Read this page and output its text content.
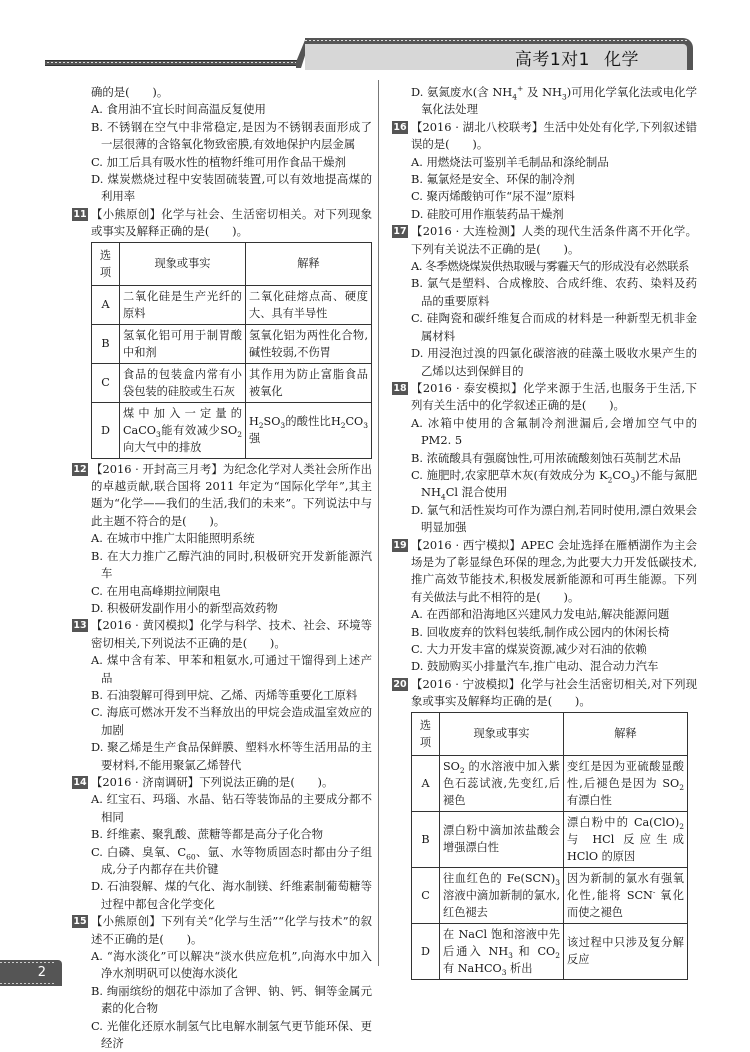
高考1对1 化学
确的是(　　)。
A. 食用油不宜长时间高温反复使用
B. 不锈钢在空气中非常稳定,是因为不锈钢表面形成了一层很薄的含铬氧化物致密膜,有效地保护内层金属
C. 加工后具有吸水性的植物纤维可用作食品干燥剂
D. 煤炭燃烧过程中安装固硫装置,可以有效地提高煤的利用率
11 【小熊原创】化学与社会、生活密切相关。对下列现象或事实及解释正确的是(　　)。
选项	现象或事实	解释
A	二氧化硅是生产光纤的原料	二氧化硅熔点高、硬度大、具有半导性
B	氢氧化铝可用于制胃酸中和剂	氢氧化铝为两性化合物,碱性较弱,不伤胃
C	食品的包装盒内常有小袋包装的硅胶或生石灰	其作用为防止富脂食品被氧化
D	煤中加入一定量的CaCO$_3$能有效减少$SO_2$向大气中的排放	$H_2SO_3$的酸性比$H_2CO_3$强
12 【2016 · 开封高三月考】为纪念化学对人类社会所作出的卓越贡献,联合国将 2011 年定为“国际化学年”,其主题为“化学——我们的生活,我们的未来”。下列说法中与此主题不符合的是(　　)。
A. 在城市中推广太阳能照明系统
B. 在大力推广乙醇汽油的同时,积极研究开发新能源汽车
C. 在用电高峰期拉闸限电
D. 积极研发副作用小的新型高效药物
13 【2016 · 黄冈模拟】化学与科学、技术、社会、环境等密切相关,下列说法不正确的是(　　)。
A. 煤中含有苯、甲苯和粗氨水,可通过干馏得到上述产品
B. 石油裂解可得到甲烷、乙烯、丙烯等重要化工原料
C. 海底可燃冰开发不当释放出的甲烷会造成温室效应的加剧
D. 聚乙烯是生产食品保鲜膜、塑料水杯等生活用品的主要材料,不能用聚氯乙烯替代
14 【2016 · 济南调研】下列说法正确的是(　　)。
A. 红宝石、玛瑙、水晶、钻石等装饰品的主要成分都不相同
B. 纤维素、聚乳酸、蔗糖等都是高分子化合物
C. 白磷、臭氧、$C_{60}$、氩、水等物质固态时都由分子组成,分子内都存在共价键
D. 石油裂解、煤的气化、海水制镁、纤维素制葡萄糖等过程中都包含化学变化
15 【小熊原创】下列有关“化学与生活”“化学与技术”的叙述不正确的是(　　)。
A. “海水淡化”可以解决“淡水供应危机”,向海水中加入净水剂明矾可以使海水淡化
B. 绚丽缤纷的烟花中添加了含钾、钠、钙、铜等金属元素的化合物
C. 光催化还原水制氢气比电解水制氢气更节能环保、更经济
D. 氨氮废水(含 $NH_4^+$ 及 $NH_3$)可用化学氧化法或电化学氧化法处理
16 【2016 · 湖北八校联考】生活中处处有化学,下列叙述错误的是(　　)。
A. 用燃烧法可鉴别羊毛制品和涤纶制品
B. 氟氯烃是安全、环保的制冷剂
C. 聚丙烯酸钠可作“尿不湿”原料
D. 硅胶可用作瓶装药品干燥剂
17 【2016 · 大连检测】人类的现代生活条件离不开化学。下列有关说法不正确的是(　　)。
A. 冬季燃烧煤炭供热取暖与雾霾天气的形成没有必然联系
B. 氯气是塑料、合成橡胶、合成纤维、农药、染料及药品的重要原料
C. 硅陶瓷和碳纤维复合而成的材料是一种新型无机非金属材料
D. 用浸泡过溴的四氯化碳溶液的硅藻土吸收水果产生的乙烯以达到保鲜目的
18 【2016 · 泰安模拟】化学来源于生活,也服务于生活,下列有关生活中的化学叙述正确的是(　　)。
A. 冰箱中使用的含氟制冷剂泄漏后,会增加空气中的PM2. 5
B. 浓硫酸具有强腐蚀性,可用浓硫酸刻蚀石英制艺术品
C. 施肥时,农家肥草木灰(有效成分为 $K_2CO_3$)不能与氮肥 $NH_4Cl$ 混合使用
D. 氯气和活性炭均可作为漂白剂,若同时使用,漂白效果会明显加强
19 【2016 · 西宁模拟】APEC 会址选择在雁栖湖作为主会场是为了彰显绿色环保的理念,为此要大力开发低碳技术,推广高效节能技术,积极发展新能源和可再生能源。下列有关做法与此不相符的是(　　)。
A. 在西部和沿海地区兴建风力发电站,解决能源问题
B. 回收废弃的饮料包装纸,制作成公园内的休闲长椅
C. 大力开发丰富的煤炭资源,减少对石油的依赖
D. 鼓励购买小排量汽车,推广电动、混合动力汽车
20 【2016 · 宁波模拟】化学与社会生活密切相关,对下列现象或事实及解释均正确的是(　　)。
选项	现象或事实	解释
A	$SO_2$ 的水溶液中加入紫色石蕊试液,先变红,后褪色	变红是因为亚硫酸显酸性,后褪色是因为 $SO_2$有漂白性
B	漂白粉中滴加浓盐酸会增强漂白性	漂白粉中的 $Ca(ClO)_2$与 HCl 反应生成 HClO 的原因
C	往血红色的 $Fe(SCN)_3$溶液中滴加新制的氯水,红色褪去	因为新制的氯水有强氧化性,能将 SCN- 氧化而使之褪色
D	在 NaCl 饱和溶液中先后通入 $NH_3$ 和 $CO_2$ 有 NaHCO$_3$ 析出	该过程中只涉及复分解反应
2
